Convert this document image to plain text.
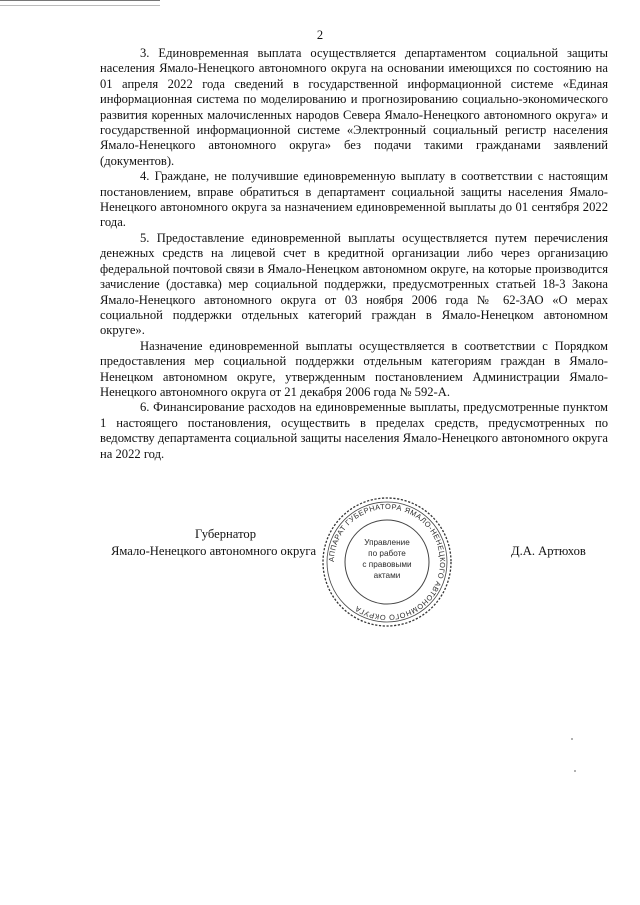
2

3. Единовременная выплата осуществляется департаментом социальной защиты населения Ямало-Ненецкого автономного округа на основании имеющихся по состоянию на 01 апреля 2022 года сведений в государственной информационной системе «Единая информационная система по моделированию и прогнозированию социально-экономического развития коренных малочисленных народов Севера Ямало-Ненецкого автономного округа» и государственной информационной системе «Электронный социальный регистр населения Ямало-Ненецкого автономного округа» без подачи такими гражданами заявлений (документов).

4. Граждане, не получившие единовременную выплату в соответствии с настоящим постановлением, вправе обратиться в департамент социальной защиты населения Ямало-Ненецкого автономного округа за назначением единовременной выплаты до 01 сентября 2022 года.

5. Предоставление единовременной выплаты осуществляется путем перечисления денежных средств на лицевой счет в кредитной организации либо через организацию федеральной почтовой связи в Ямало-Ненецком автономном округе, на которые производится зачисление (доставка) мер социальной поддержки, предусмотренных статьей 18-3 Закона Ямало-Ненецкого автономного округа от 03 ноября 2006 года № 62-ЗАО «О мерах социальной поддержки отдельных категорий граждан в Ямало-Ненецком автономном округе».

Назначение единовременной выплаты осуществляется в соответствии с Порядком предоставления мер социальной поддержки отдельным категориям граждан в Ямало-Ненецком автономном округе, утвержденным постановлением Администрации Ямало-Ненецкого автономного округа от 21 декабря 2006 года № 592-А.

6. Финансирование расходов на единовременные выплаты, предусмотренные пунктом 1 настоящего постановления, осуществить в пределах средств, предусмотренных по ведомству департамента социальной защиты населения Ямало-Ненецкого автономного округа на 2022 год.

Губернатор
Ямало-Ненецкого автономного округа	Д.А. Артюхов
АППАРАТ ГУБЕРНАТОРА ЯМАЛО-НЕНЕЦКОГО АВТОНОМНОГО ОКРУГА
Управление
по работе
с правовыми
актами
